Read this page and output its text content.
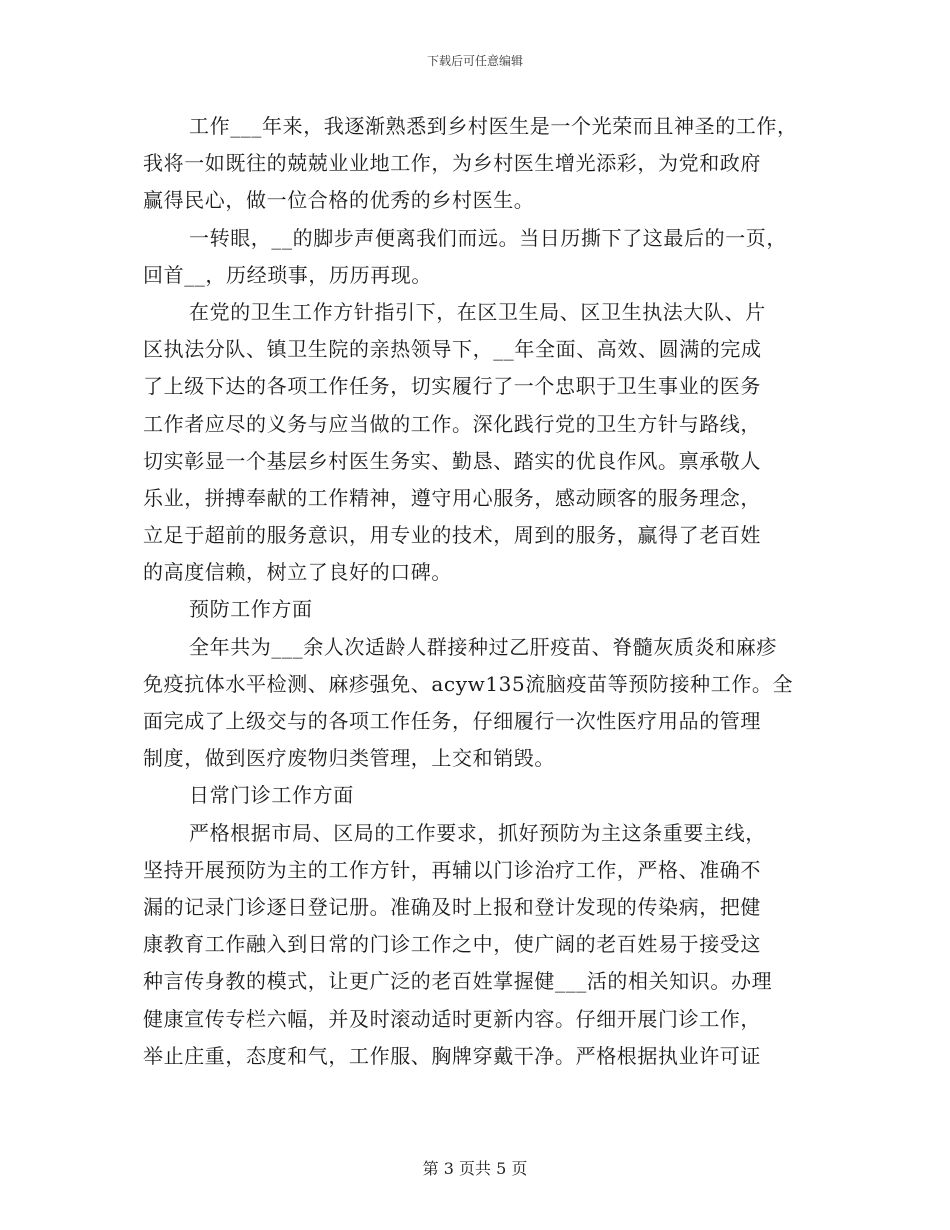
下载后可任意编辑
工作___年来，我逐渐熟悉到乡村医生是一个光荣而且神圣的工作，
我将一如既往的兢兢业业地工作，为乡村医生增光添彩，为党和政府
赢得民心，做一位合格的优秀的乡村医生。
一转眼，__的脚步声便离我们而远。当日历撕下了这最后的一页，
回首__，历经琐事，历历再现。
在党的卫生工作方针指引下，在区卫生局、区卫生执法大队、片
区执法分队、镇卫生院的亲热领导下，__年全面、高效、圆满的完成
了上级下达的各项工作任务，切实履行了一个忠职于卫生事业的医务
工作者应尽的义务与应当做的工作。深化践行党的卫生方针与路线，
切实彰显一个基层乡村医生务实、勤恳、踏实的优良作风。禀承敬人
乐业，拼搏奉献的工作精神，遵守用心服务，感动顾客的服务理念，
立足于超前的服务意识，用专业的技术，周到的服务，赢得了老百姓
的高度信赖，树立了良好的口碑。
预防工作方面
全年共为___余人次适龄人群接种过乙肝疫苗、脊髓灰质炎和麻疹
免疫抗体水平检测、麻疹强免、acyw135流脑疫苗等预防接种工作。全
面完成了上级交与的各项工作任务，仔细履行一次性医疗用品的管理
制度，做到医疗废物归类管理，上交和销毁。
日常门诊工作方面
严格根据市局、区局的工作要求，抓好预防为主这条重要主线，
坚持开展预防为主的工作方针，再辅以门诊治疗工作，严格、准确不
漏的记录门诊逐日登记册。准确及时上报和登计发现的传染病，把健
康教育工作融入到日常的门诊工作之中，使广阔的老百姓易于接受这
种言传身教的模式，让更广泛的老百姓掌握健___活的相关知识。办理
健康宣传专栏六幅，并及时滚动适时更新内容。仔细开展门诊工作，
举止庄重，态度和气，工作服、胸牌穿戴干净。严格根据执业许可证
第 3 页共 5 页
